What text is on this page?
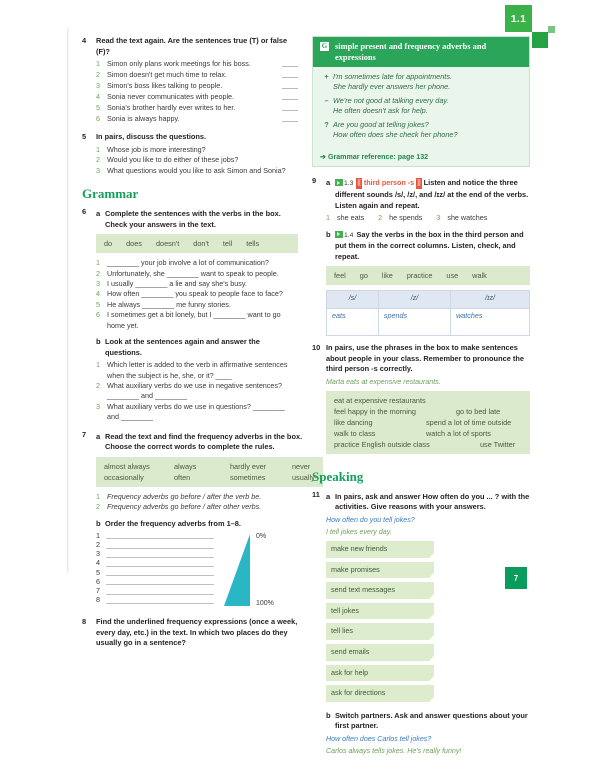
1.1
7
4	Read the text again. Are the sentences true (T) or false (F)?
1 Simon only plans work meetings for his boss.
2 Simon doesn't get much time to relax.
3 Simon's boss likes talking to people.
4 Sonia never communicates with people.
5 Sonia's brother hardly ever writes to her.
6 Sonia is always happy.
5	In pairs, discuss the questions.
1 Whose job is more interesting?
2 Would you like to do either of these jobs?
3 What questions would you like to ask Simon and Sonia?
Grammar
6	a Complete the sentences with the verbs in the box. Check your answers in the text.
do does doesn't don't tell tells
1 ________ your job involve a lot of communication?
2 Unfortunately, she ________ want to speak to people.
3 I usually ________ a lie and say she's busy.
4 How often ________ you speak to people face to face?
5 He always ________ me funny stories.
6 I sometimes get a bit lonely, but I ________ want to go home yet.
b Look at the sentences again and answer the questions.
1 Which letter is added to the verb in affirmative sentences when the subject is he, she, or it? ____
2 What auxiliary verbs do we use in negative sentences? ________ and ________
3 What auxiliary verbs do we use in questions? ________ and ________
7	a Read the text and find the frequency adverbs in the box. Choose the correct words to complete the rules.
almost always	always	hardly ever	never
occasionally	often	sometimes	usually
1 Frequency adverbs go before / after the verb be.
2 Frequency adverbs go before / after other verbs.
b Order the frequency adverbs from 1–8.
1
2
3
4
5
6
7
8
0%
100%
8	Find the underlined frequency expressions (once a week, every day, etc.) in the text. In which two places do they usually go in a sentence?
G simple present and frequency adverbs and expressions
+ I'm sometimes late for appointments.
She hardly ever answers her phone.
– We're not good at talking every day.
He often doesn't ask for help.
? Are you good at telling jokes?
How often does she check her phone?
➔ Grammar reference: page 132
9	a	1.3 [[ third person -s ]] Listen and notice the three different sounds /s/, /z/, and /ɪz/ at the end of the verbs. Listen again and repeat.
1 she eats 2 he spends 3 she watches
b	1.4 Say the verbs in the box in the third person and put them in the correct columns. Listen, check, and repeat.
feel go like practice use walk
/s/	/z/	/ɪz/
eats	spends	watches
10 In pairs, use the phrases in the box to make sentences about people in your class. Remember to pronounce the third person -s correctly.
Marta eats at expensive restaurants.
eat at expensive restaurants
feel happy in the morning	go to bed late
like dancing	spend a lot of time outside
walk to class	watch a lot of sports
practice English outside class	use Twitter
Speaking
11 a In pairs, ask and answer How often do you ... ? with the activities. Give reasons with your answers.
How often do you tell jokes?
I tell jokes every day.
make new friends
make promises
send text messages
tell jokes
tell lies
send emails
ask for help
ask for directions
b Switch partners. Ask and answer questions about your first partner.
How often does Carlos tell jokes?
Carlos always tells jokes. He's really funny!
